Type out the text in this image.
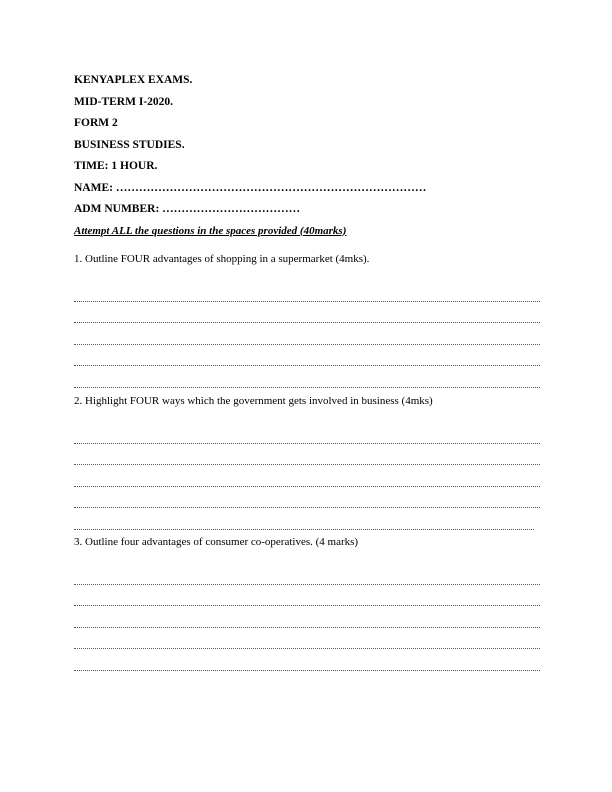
KENYAPLEX EXAMS.
MID-TERM I-2020.
FORM 2
BUSINESS STUDIES.
TIME: 1 HOUR.
NAME: ………………………………………………………………………
ADM NUMBER: ………………………………
Attempt ALL the questions in the spaces provided (40marks)
1. Outline FOUR advantages of shopping in a supermarket (4mks).
2. Highlight FOUR ways which the government gets involved in business (4mks)
3. Outline four advantages of consumer co-operatives. (4 marks)
